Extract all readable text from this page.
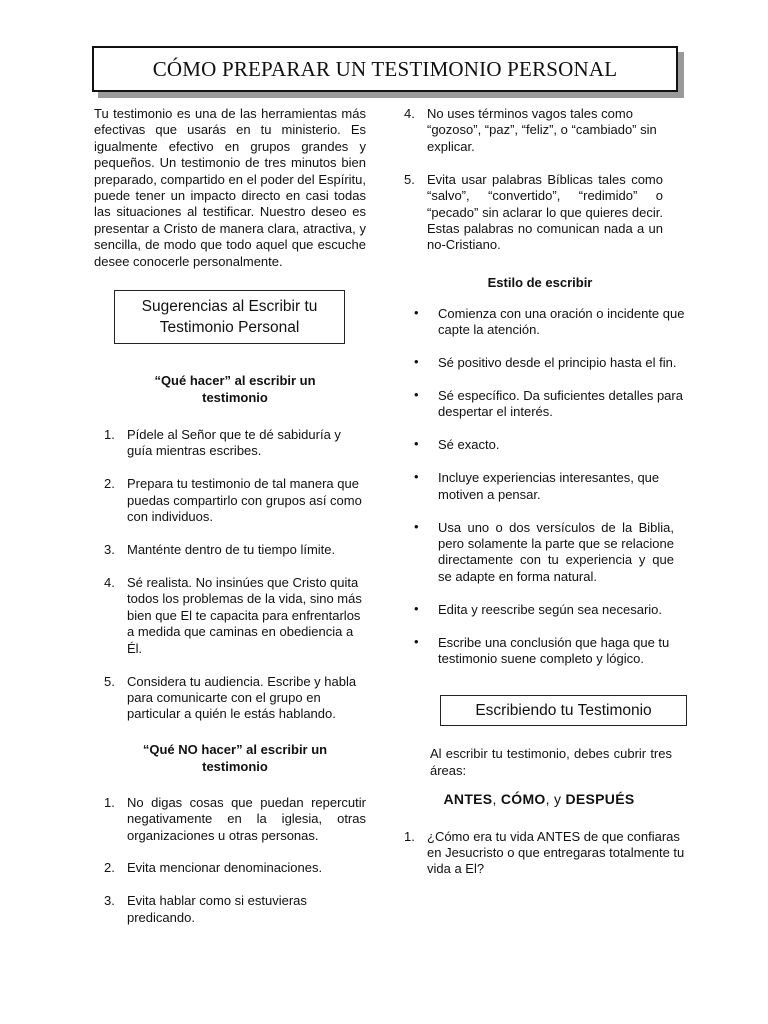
CÓMO PREPARAR UN TESTIMONIO PERSONAL

Tu testimonio es una de las herramientas más efectivas que usarás en tu ministerio. Es igualmente efectivo en grupos grandes y pequeños. Un testimonio de tres minutos bien preparado, compartido en el poder del Espíritu, puede tener un impacto directo en casi todas las situaciones al testificar. Nuestro deseo es presentar a Cristo de manera clara, atractiva, y sencilla, de modo que todo aquel que escuche desee conocerle personalmente.

Sugerencias al Escribir tu
Testimonio Personal
“Qué hacer” al escribir un
testimonio
1. Pídele al Señor que te dé sabiduría y guía mientras escribes.
2. Prepara tu testimonio de tal manera que puedas compartirlo con grupos así como con individuos.
3. Manténte dentro de tu tiempo límite.
4. Sé realista. No insinúes que Cristo quita todos los problemas de la vida, sino más bien que El te capacita para enfrentarlos a medida que caminas en obediencia a Él.
5. Considera tu audiencia. Escribe y habla para comunicarte con el grupo en particular a quién le estás hablando.
“Qué NO hacer” al escribir un
testimonio
1. No digas cosas que puedan repercutir negativamente en la iglesia, otras organizaciones u otras personas.
2. Evita mencionar denominaciones.
3. Evita hablar como si estuvieras predicando.
4. No uses términos vagos tales como “gozoso”, “paz”, “feliz”, o “cambiado” sin explicar.
5. Evita usar palabras Bíblicas tales como “salvo”, “convertido”, “redimido” o “pecado” sin aclarar lo que quieres decir. Estas palabras no comunican nada a un no-Cristiano.
Estilo de escribir
• Comienza con una oración o incidente que capte la atención.
• Sé positivo desde el principio hasta el fin.
• Sé específico. Da suficientes detalles para despertar el interés.
• Sé exacto.
• Incluye experiencias interesantes, que motiven a pensar.
• Usa uno o dos versículos de la Biblia, pero solamente la parte que se relacione directamente con tu experiencia y que se adapte en forma natural.
• Edita y reescribe según sea necesario.
• Escribe una conclusión que haga que tu testimonio suene completo y lógico.
Escribiendo tu Testimonio

Al escribir tu testimonio, debes cubrir tres áreas:

ANTES, CÓMO, y DESPUÉS
1. ¿Cómo era tu vida ANTES de que confiaras en Jesucristo o que entregaras totalmente tu vida a El?
